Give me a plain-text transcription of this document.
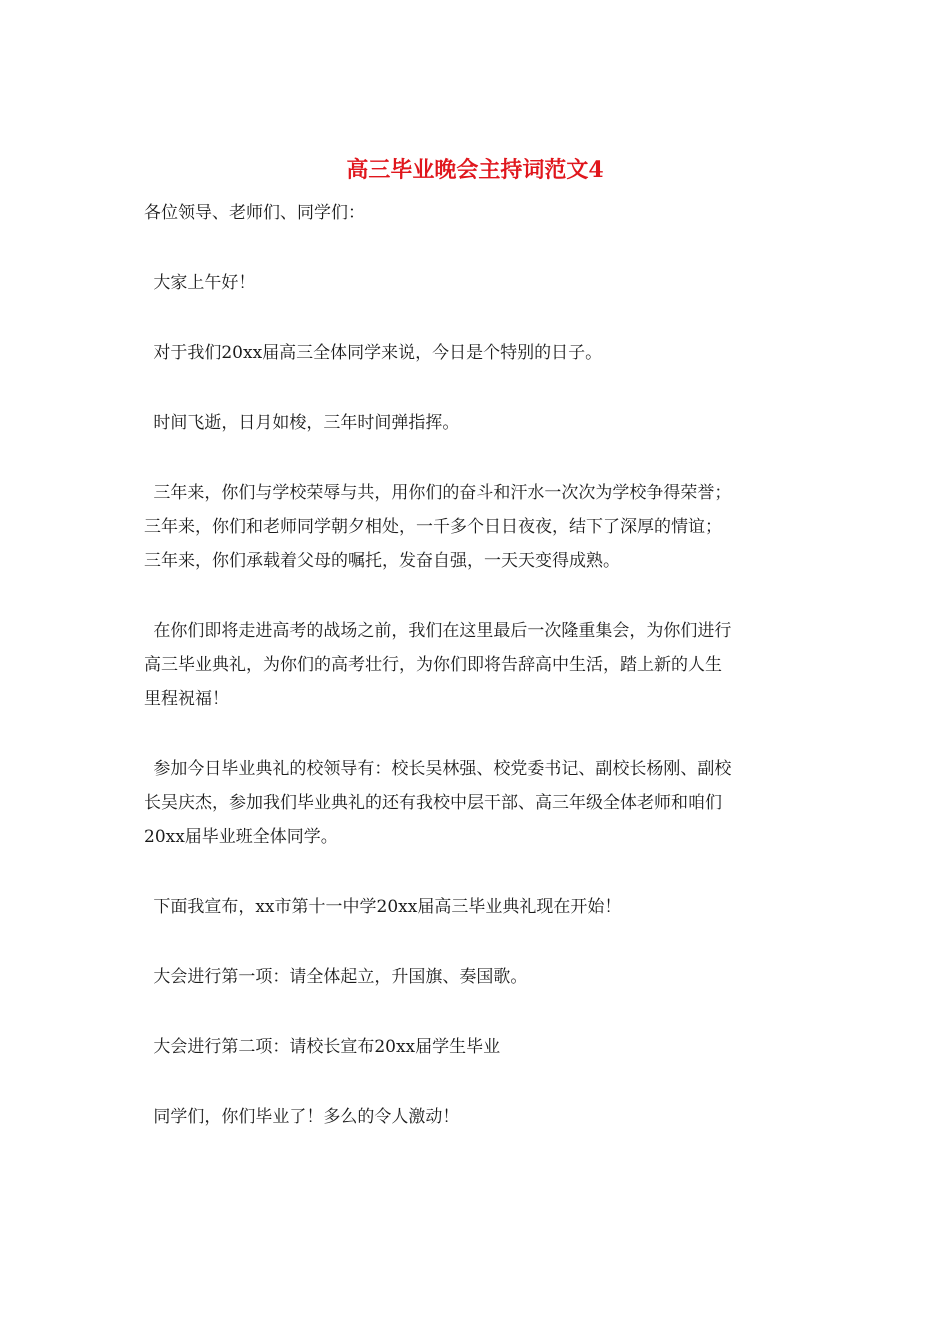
高三毕业晚会主持词范文4

各位领导、老师们、同学们：

大家上午好！

对于我们20xx届高三全体同学来说，今日是个特别的日子。

时间飞逝，日月如梭，三年时间弹指挥。

三年来，你们与学校荣辱与共，用你们的奋斗和汗水一次次为学校争得荣誉；
三年来，你们和老师同学朝夕相处，一千多个日日夜夜，结下了深厚的情谊；
三年来，你们承载着父母的嘱托，发奋自强，一天天变得成熟。

在你们即将走进高考的战场之前，我们在这里最后一次隆重集会，为你们进行
高三毕业典礼，为你们的高考壮行，为你们即将告辞高中生活，踏上新的人生
里程祝福！

参加今日毕业典礼的校领导有：校长吴林强、校党委书记、副校长杨刚、副校
长吴庆杰，参加我们毕业典礼的还有我校中层干部、高三年级全体老师和咱们
20xx届毕业班全体同学。

下面我宣布，xx市第十一中学20xx届高三毕业典礼现在开始！

大会进行第一项：请全体起立，升国旗、奏国歌。

大会进行第二项：请校长宣布20xx届学生毕业

同学们，你们毕业了！多么的令人激动！
